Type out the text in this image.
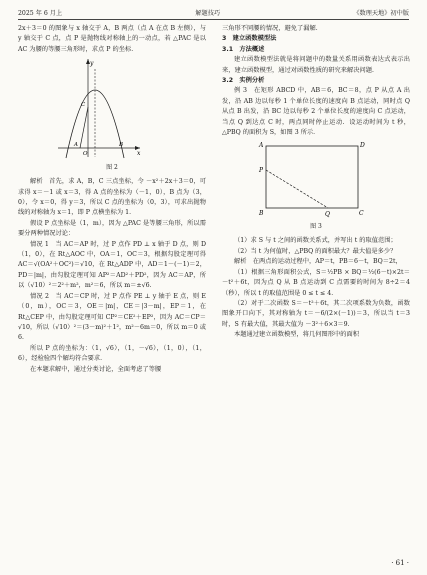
2025 年 6 月上	解题技巧	《数理天地》初中版

2x＋3＝0 的图象与 x 轴交于 A，B 两点（点 A 在点 B 左侧），与 y 轴交于 C 点，点 P 是抛物线对称轴上的一动点，若 △PAC 是以 AC 为腰的等腰三角形时，求点 P 的坐标．

y
x
O
A	B
C
图 2

解析　首先，求 A，B，C 三点坐标，令 －x²＋2x＋3＝0，可求得 x＝－1 或 x＝3，得 A 点的坐标为（－1，0），B 点为（3，0），令 x＝0，得 y＝3，所以 C 点的坐标为（0，3），可求出抛物线的对称轴为 x＝1，即 P 点横坐标为 1．

假设 P 点坐标是（1，m），因为 △PAC 是等腰三角形，所以需要分两种情况讨论：

情况 1　当 AC＝AP 时，过 P 点作 PD ⊥ x 轴于 D 点，则 D（1，0），在 Rt△AOC 中，OA＝1，OC＝3，根据勾股定理可得 AC＝√(OA²＋OC²)＝√10，在 Rt△ADP 中，AD＝1－(－1)＝2，PD＝|m|，由勾股定理可知 AP²＝AD²＋PD²，因为 AC＝AP，所以（√10）²＝2²＋m²，m²＝6，所以 m＝±√6．

情况 2　当 AC＝CP 时，过 P 点作 PE ⊥ y 轴于 E 点，则 E（0，m），OC＝3，OE＝|m|，CE＝|3－m|，EP＝1，在 Rt△CEP 中，由勾股定理可知 CP²＝CE²＋EP²，因为 AC＝CP＝√10，所以（√10）²＝(3－m)²＋1²，m²－6m＝0，所以 m＝0 或 6．

所以 P 点的坐标为：（1，√6），（1，－√6），（1，0），（1，6），经检验四个解均符合要求．

在本题求解中，通过分类讨论，全面考虑了等腰

三角形不同腰的情况，避免了漏解．

3　建立函数模型法

3.1　方法概述

建立函数模型法就是将问题中的数量关系用函数表达式表示出来，建立函数模型，通过对函数性质的研究来解决问题．

3.2　实例分析

例 3　在矩形 ABCD 中，AB＝6，BC＝8，点 P 从点 A 出发，沿 AB 边以每秒 1 个单位长度的速度向 B 点运动，同时点 Q 从点 B 出发，沿 BC 边以每秒 2 个单位长度的速度向 C 点运动，当点 Q 到达点 C 时，两点同时停止运动．设运动时间为 t 秒，△PBQ 的面积为 S，如图 3 所示．

A	D
P
B	Q	C
图 3

（1）求 S 与 t 之间的函数关系式，并写出 t 的取值范围；

（2）当 t 为何值时，△PBQ 的面积最大？最大值是多少？

解析　在两点的运动过程中，AP＝t，PB＝6－t，BQ＝2t，

（1）根据三角形面积公式，S＝½PB × BQ＝½(6－t)×2t＝－t²＋6t，因为点 Q 从 B 点运动到 C 点需要的时间为 8÷2＝4（秒），所以 t 的取值范围是 0 ≤ t ≤ 4．

（2）对于二次函数 S＝－t²＋6t，其二次项系数为负数，函数图象开口向下，其对称轴为 t＝－6/(2×(－1))＝3，所以当 t＝3 时，S 有最大值，其最大值为 －3²＋6×3＝9．

本题通过建立函数模型，将几何图形中的面积

· 61 ·
